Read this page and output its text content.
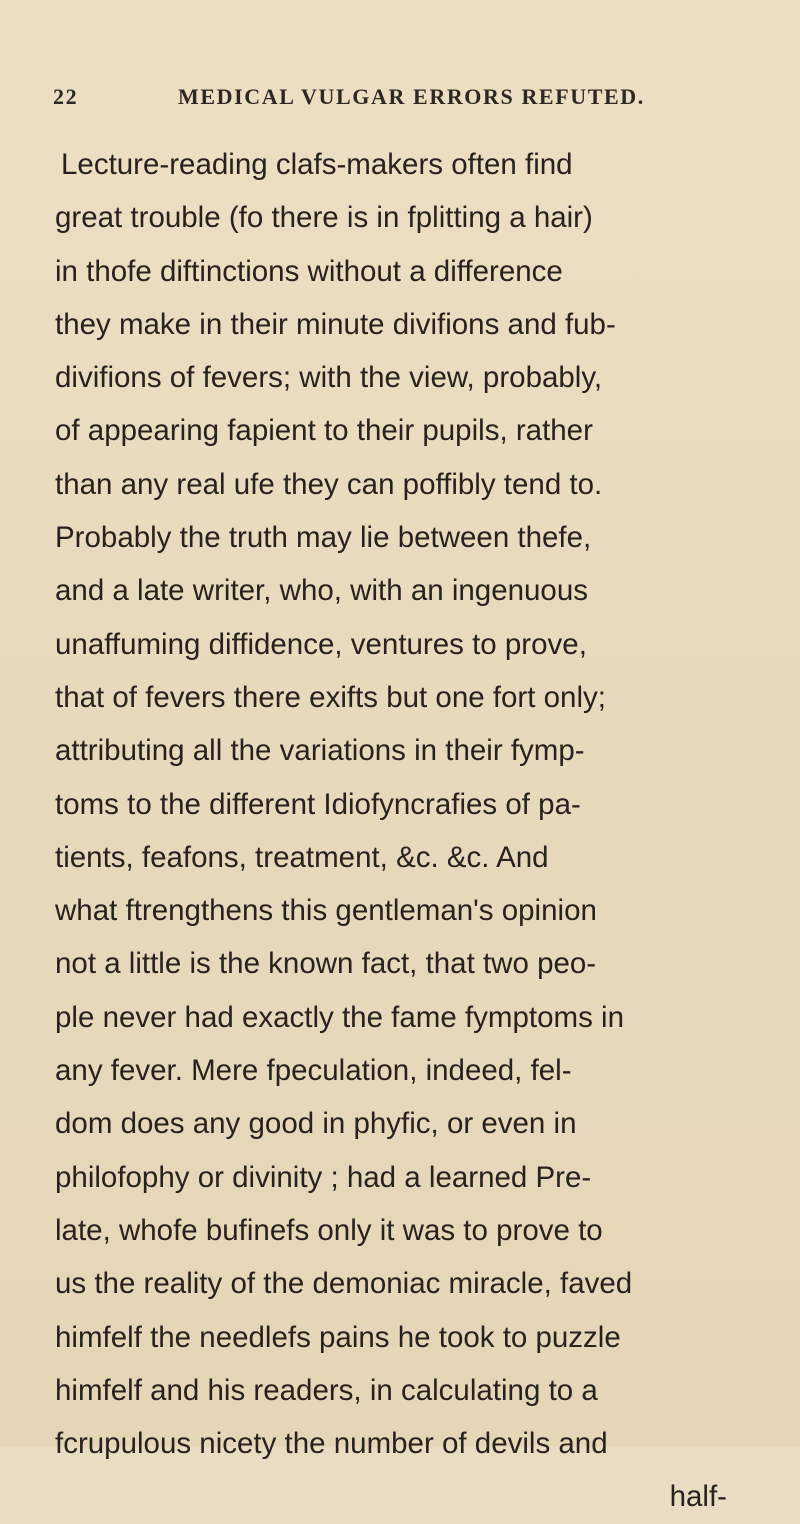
22	MEDICAL VULGAR ERRORS REFUTED.
Lecture-reading clafs-makers often find
great trouble (fo there is in fplitting a hair)
in thofe diftinctions without a difference
they make in their minute divifions and fub-
divifions of fevers; with the view, probably,
of appearing fapient to their pupils, rather
than any real ufe they can poffibly tend to.
Probably the truth may lie between thefe,
and a late writer, who, with an ingenuous
unaffuming diffidence, ventures to prove,
that of fevers there exifts but one fort only;
attributing all the variations in their fymp-
toms to the different Idiofyncrafies of pa-
tients, feafons, treatment, &c. &c. And
what ftrengthens this gentleman's opinion
not a little is the known fact, that two peo-
ple never had exactly the fame fymptoms in
any fever. Mere fpeculation, indeed, fel-
dom does any good in phyfic, or even in
philofophy or divinity ; had a learned Pre-
late, whofe bufinefs only it was to prove to
us the reality of the demoniac miracle, faved
himfelf the needlefs pains he took to puzzle
himfelf and his readers, in calculating to a
fcrupulous nicety the number of devils and
half-
